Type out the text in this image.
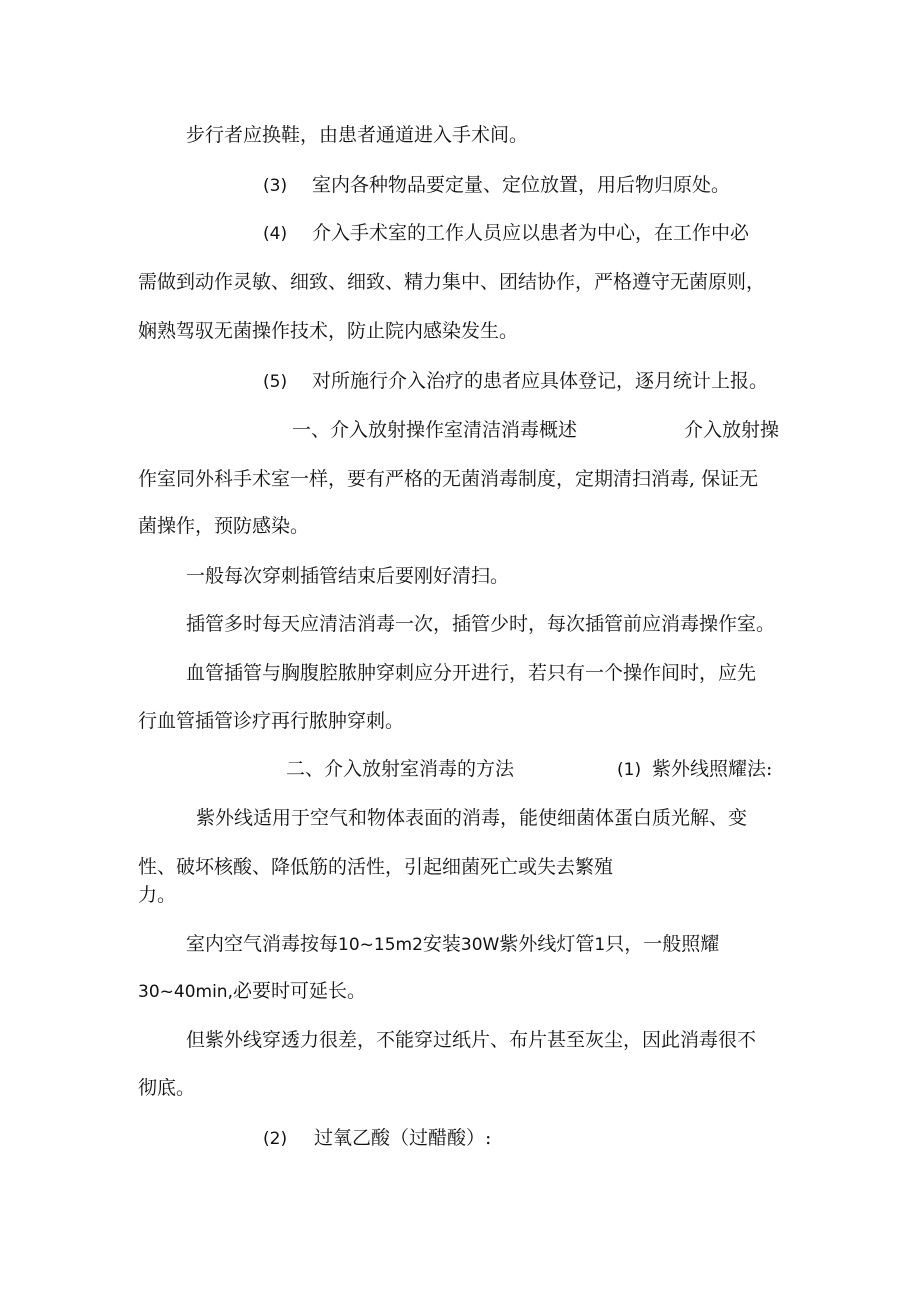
步行者应换鞋，由患者通道进入手术间。
(3) 室内各种物品要定量、定位放置，用后物归原处。
(4) 介入手术室的工作人员应以患者为中心，在工作中必
需做到动作灵敏、细致、细致、精力集中、团结协作，严格遵守无菌原则，
娴熟驾驭无菌操作技术，防止院内感染发生。
(5) 对所施行介入治疗的患者应具体登记，逐月统计上报。
一、介入放射操作室清洁消毒概述	介入放射操
作室同外科手术室一样，要有严格的无菌消毒制度，定期清扫消毒, 保证无
菌操作，预防感染。
一般每次穿刺插管结束后要刚好清扫。
插管多时每天应清洁消毒一次，插管少时，每次插管前应消毒操作室。
血管插管与胸腹腔脓肿穿刺应分开进行，若只有一个操作间时，应先
行血管插管诊疗再行脓肿穿刺。
二、介入放射室消毒的方法	(1) 紫外线照耀法:
紫外线适用于空气和物体表面的消毒，能使细菌体蛋白质光解、变
性、破坏核酸、降低筋的活性，引起细菌死亡或失去繁殖
力。
室内空气消毒按每10~15m2安装30W紫外线灯管1只，一般照耀
30~40min,必要时可延长。
但紫外线穿透力很差，不能穿过纸片、布片甚至灰尘，因此消毒很不
彻底。
(2) 过氧乙酸（过醋酸）:
